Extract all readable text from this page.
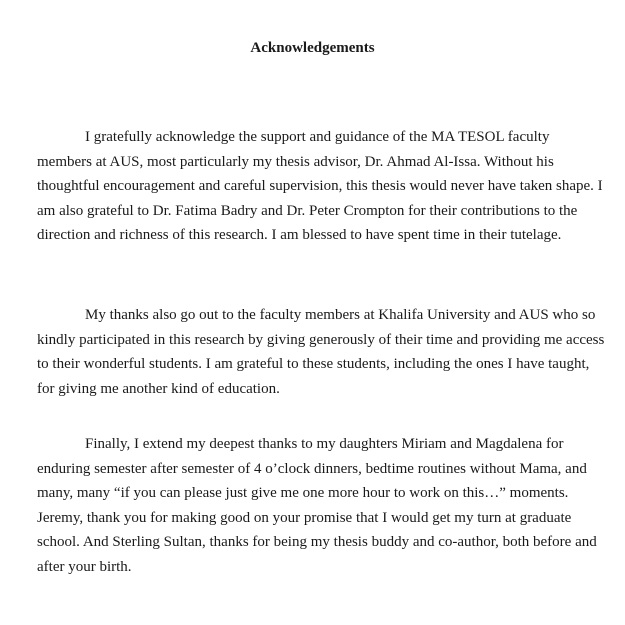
Acknowledgements

I gratefully acknowledge the support and guidance of the MA TESOL faculty members at AUS, most particularly my thesis advisor, Dr. Ahmad Al-Issa. Without his thoughtful encouragement and careful supervision, this thesis would never have taken shape. I am also grateful to Dr. Fatima Badry and Dr. Peter Crompton for their contributions to the direction and richness of this research. I am blessed to have spent time in their tutelage.

My thanks also go out to the faculty members at Khalifa University and AUS who so kindly participated in this research by giving generously of their time and providing me access to their wonderful students. I am grateful to these students, including the ones I have taught, for giving me another kind of education.

Finally, I extend my deepest thanks to my daughters Miriam and Magdalena for enduring semester after semester of 4 o’clock dinners, bedtime routines without Mama, and many, many “if you can please just give me one more hour to work on this…” moments. Jeremy, thank you for making good on your promise that I would get my turn at graduate school. And Sterling Sultan, thanks for being my thesis buddy and co-author, both before and after your birth.
